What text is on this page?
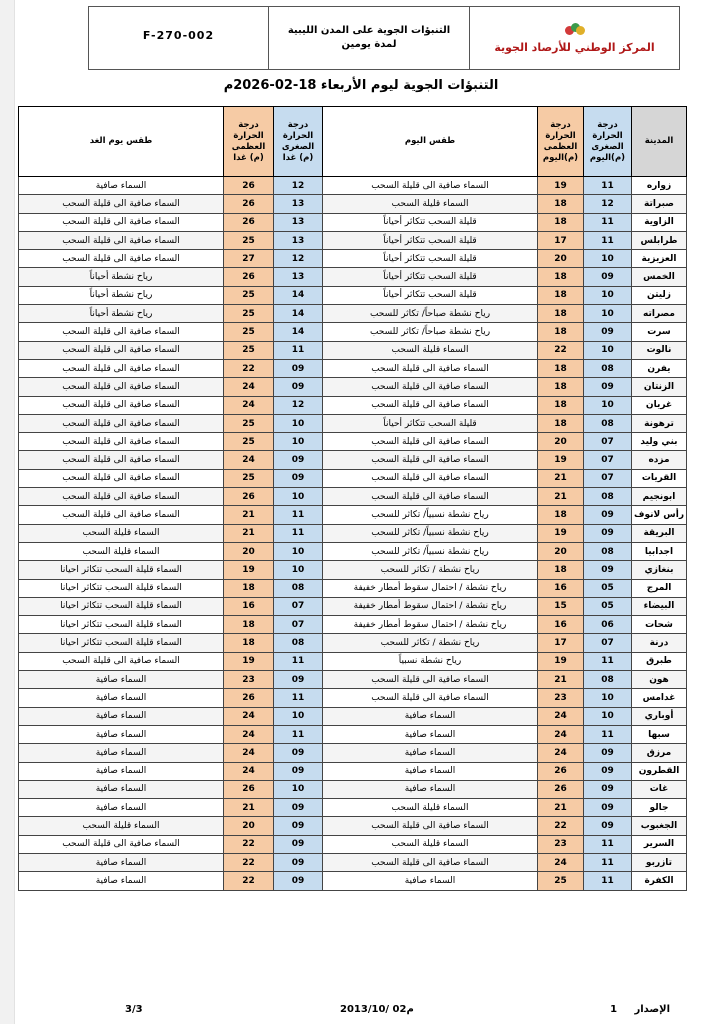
F-270-002	التنبؤات الجوية على المدن الليبية
لمدة يومين	المركز الوطني للأرصاد الجوية
التنبؤات الجوية ليوم الأربعاء 18-02-2026م
المدينة	درجة الحرارة الصغرى (م)اليوم	درجة الحرارة العظمى (م)اليوم	طقس اليوم	درجة الحرارة الصغرى (م) غدا	درجة الحرارة العظمى (م) غدا	طقس يوم الغد
زواره	11	19	السماء صافية الى قليلة السحب	12	26	السماء صافية
صبراتة	12	18	السماء قليلة السحب	13	26	السماء صافية الى قليلة السحب
الزاوية	11	18	قليلة السحب تتكاثر أحياناً	13	26	السماء صافية الى قليلة السحب
طرابلس	11	17	قليلة السحب تتكاثر أحياناً	13	25	السماء صافية الى قليلة السحب
العزيزية	10	20	قليلة السحب تتكاثر أحياناً	12	27	السماء صافية الى قليلة السحب
الخمس	09	18	قليلة السحب تتكاثر أحياناً	13	26	رياح نشطة أحياناً
زليتن	10	18	قليلة السحب تتكاثر أحياناً	14	25	رياح نشطة أحياناً
مصراته	10	18	رياح نشطة صباحاً/ تكاثر للسحب	14	25	رياح نشطة أحياناً
سرت	09	18	رياح نشطة صباحاً/ تكاثر للسحب	14	25	السماء صافية الى قليلة السحب
نالوت	10	22	السماء قليلة السحب	11	25	السماء صافية الى قليلة السحب
يفرن	08	18	السماء صافية الى قليلة السحب	09	22	السماء صافية الى قليلة السحب
الزنتان	09	18	السماء صافية الى قليلة السحب	09	24	السماء صافية الى قليلة السحب
غريان	10	18	السماء صافية الى قليلة السحب	12	24	السماء صافية الى قليلة السحب
ترهونة	08	18	قليلة السحب تتكاثر أحياناً	10	25	السماء صافية الى قليلة السحب
بني وليد	07	20	السماء صافية الى قليلة السحب	10	25	السماء صافية الى قليلة السحب
مزده	07	19	السماء صافية الى قليلة السحب	09	24	السماء صافية الى قليلة السحب
القريات	07	21	السماء صافية الى قليلة السحب	09	25	السماء صافية الى قليلة السحب
ابونجيم	08	21	السماء صافية الى قليلة السحب	10	26	السماء صافية الى قليلة السحب
رأس لانوف	09	18	رياح نشطة نسبياً/ تكاثر للسحب	11	21	السماء صافية الى قليلة السحب
البريقة	09	19	رياح نشطة نسبياً/ تكاثر للسحب	11	21	السماء قليلة السحب
اجدابيا	08	20	رياح نشطة نسبياً/ تكاثر للسحب	10	20	السماء قليلة السحب
بنغازي	09	18	رياح نشطة / تكاثر للسحب	10	19	السماء قليلة السحب تتكاثر احيانا
المرج	05	16	رياح نشطة / احتمال سقوط أمطار خفيفة	08	18	السماء قليلة السحب تتكاثر احيانا
البيضاء	05	15	رياح نشطة / احتمال سقوط أمطار خفيفة	07	16	السماء قليلة السحب تتكاثر احيانا
شحات	06	16	رياح نشطة / احتمال سقوط أمطار خفيفة	07	18	السماء قليلة السحب تتكاثر احيانا
درنة	07	17	رياح نشطة / تكاثر للسحب	08	18	السماء قليلة السحب تتكاثر احيانا
طبرق	11	19	رياح نشطة نسبياً	11	19	السماء صافية الى قليلة السحب
هون	08	21	السماء صافية الى قليلة السحب	09	23	السماء صافية
غدامس	10	23	السماء صافية الى قليلة السحب	11	26	السماء صافية
أوباري	10	24	السماء صافية	10	24	السماء صافية
سبها	11	24	السماء صافية	11	24	السماء صافية
مرزق	09	24	السماء صافية	09	24	السماء صافية
القطرون	09	26	السماء صافية	09	24	السماء صافية
غات	09	26	السماء صافية	10	26	السماء صافية
جالو	09	21	السماء قليلة السحب	09	21	السماء صافية
الجغبوب	09	22	السماء صافية الى قليلة السحب	09	20	السماء قليلة السحب
السرير	11	23	السماء قليلة السحب	09	22	السماء صافية الى قليلة السحب
تازربو	11	24	السماء صافية الى قليلة السحب	09	22	السماء صافية
الكفرة	11	25	السماء صافية	09	22	السماء صافية
3/3	2013/10/ 02م	الإصدار     1
